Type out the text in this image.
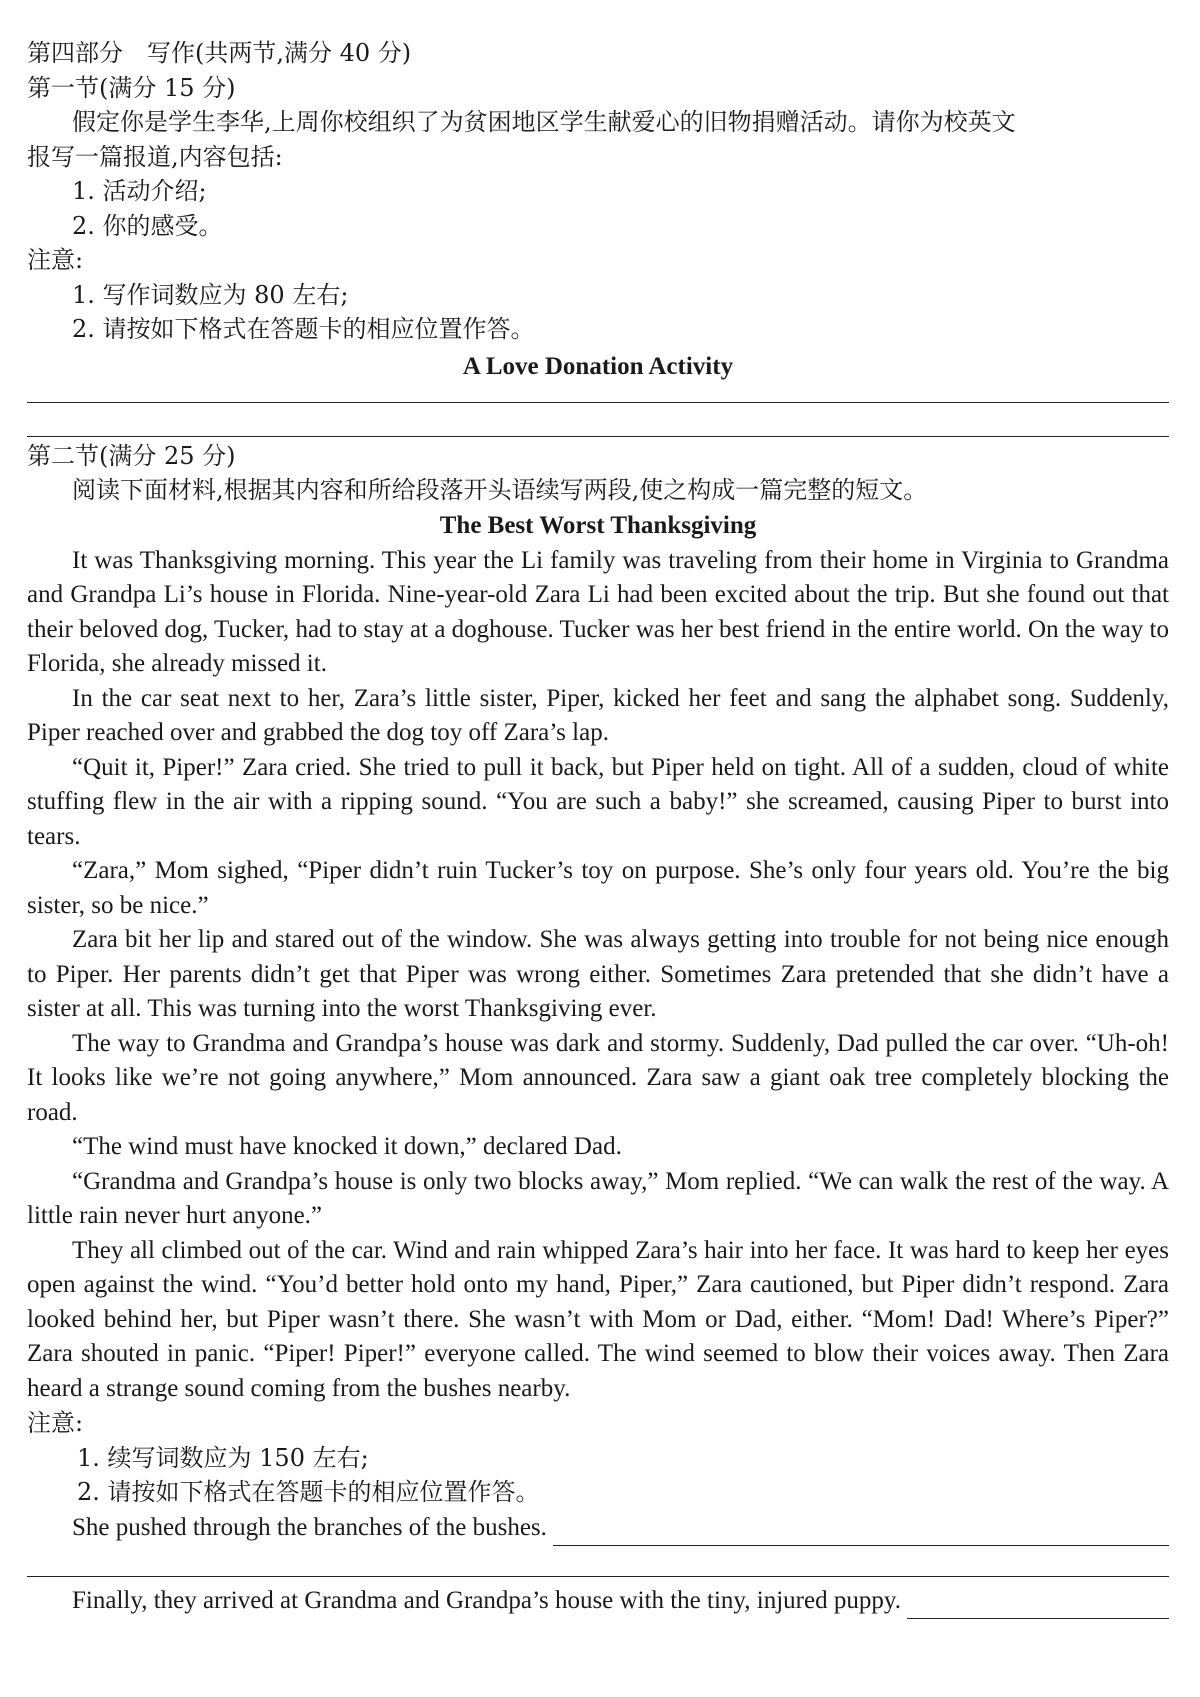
第四部分　写作(共两节,满分 40 分)
第一节(满分 15 分)
假定你是学生李华,上周你校组织了为贫困地区学生献爱心的旧物捐赠活动。请你为校英文
报写一篇报道,内容包括:
1. 活动介绍;
2. 你的感受。
注意:
1. 写作词数应为 80 左右;
2. 请按如下格式在答题卡的相应位置作答。
A Love Donation Activity
第二节(满分 25 分)
阅读下面材料,根据其内容和所给段落开头语续写两段,使之构成一篇完整的短文。
The Best Worst Thanksgiving

It was Thanksgiving morning. This year the Li family was traveling from their home in Virginia to Grandma and Grandpa Li’s house in Florida. Nine-year-old Zara Li had been excited about the trip. But she found out that their beloved dog, Tucker, had to stay at a doghouse. Tucker was her best friend in the entire world. On the way to Florida, she already missed it.

In the car seat next to her, Zara’s little sister, Piper, kicked her feet and sang the alphabet song. Suddenly, Piper reached over and grabbed the dog toy off Zara’s lap.

“Quit it, Piper!” Zara cried. She tried to pull it back, but Piper held on tight. All of a sudden, cloud of white stuffing flew in the air with a ripping sound. “You are such a baby!” she screamed, causing Piper to burst into tears.

“Zara,” Mom sighed, “Piper didn’t ruin Tucker’s toy on purpose. She’s only four years old. You’re the big sister, so be nice.”

Zara bit her lip and stared out of the window. She was always getting into trouble for not being nice enough to Piper. Her parents didn’t get that Piper was wrong either. Sometimes Zara pretended that she didn’t have a sister at all. This was turning into the worst Thanksgiving ever.

The way to Grandma and Grandpa’s house was dark and stormy. Suddenly, Dad pulled the car over. “Uh-oh! It looks like we’re not going anywhere,” Mom announced. Zara saw a giant oak tree completely blocking the road.

“The wind must have knocked it down,” declared Dad.

“Grandma and Grandpa’s house is only two blocks away,” Mom replied. “We can walk the rest of the way. A little rain never hurt anyone.”

They all climbed out of the car. Wind and rain whipped Zara’s hair into her face. It was hard to keep her eyes open against the wind. “You’d better hold onto my hand, Piper,” Zara cautioned, but Piper didn’t respond. Zara looked behind her, but Piper wasn’t there. She wasn’t with Mom or Dad, either. “Mom! Dad! Where’s Piper?” Zara shouted in panic. “Piper! Piper!” everyone called. The wind seemed to blow their voices away. Then Zara heard a strange sound coming from the bushes nearby.

注意:
1. 续写词数应为 150 左右;
2. 请按如下格式在答题卡的相应位置作答。
She pushed through the branches of the bushes.
Finally, they arrived at Grandma and Grandpa’s house with the tiny, injured puppy.
